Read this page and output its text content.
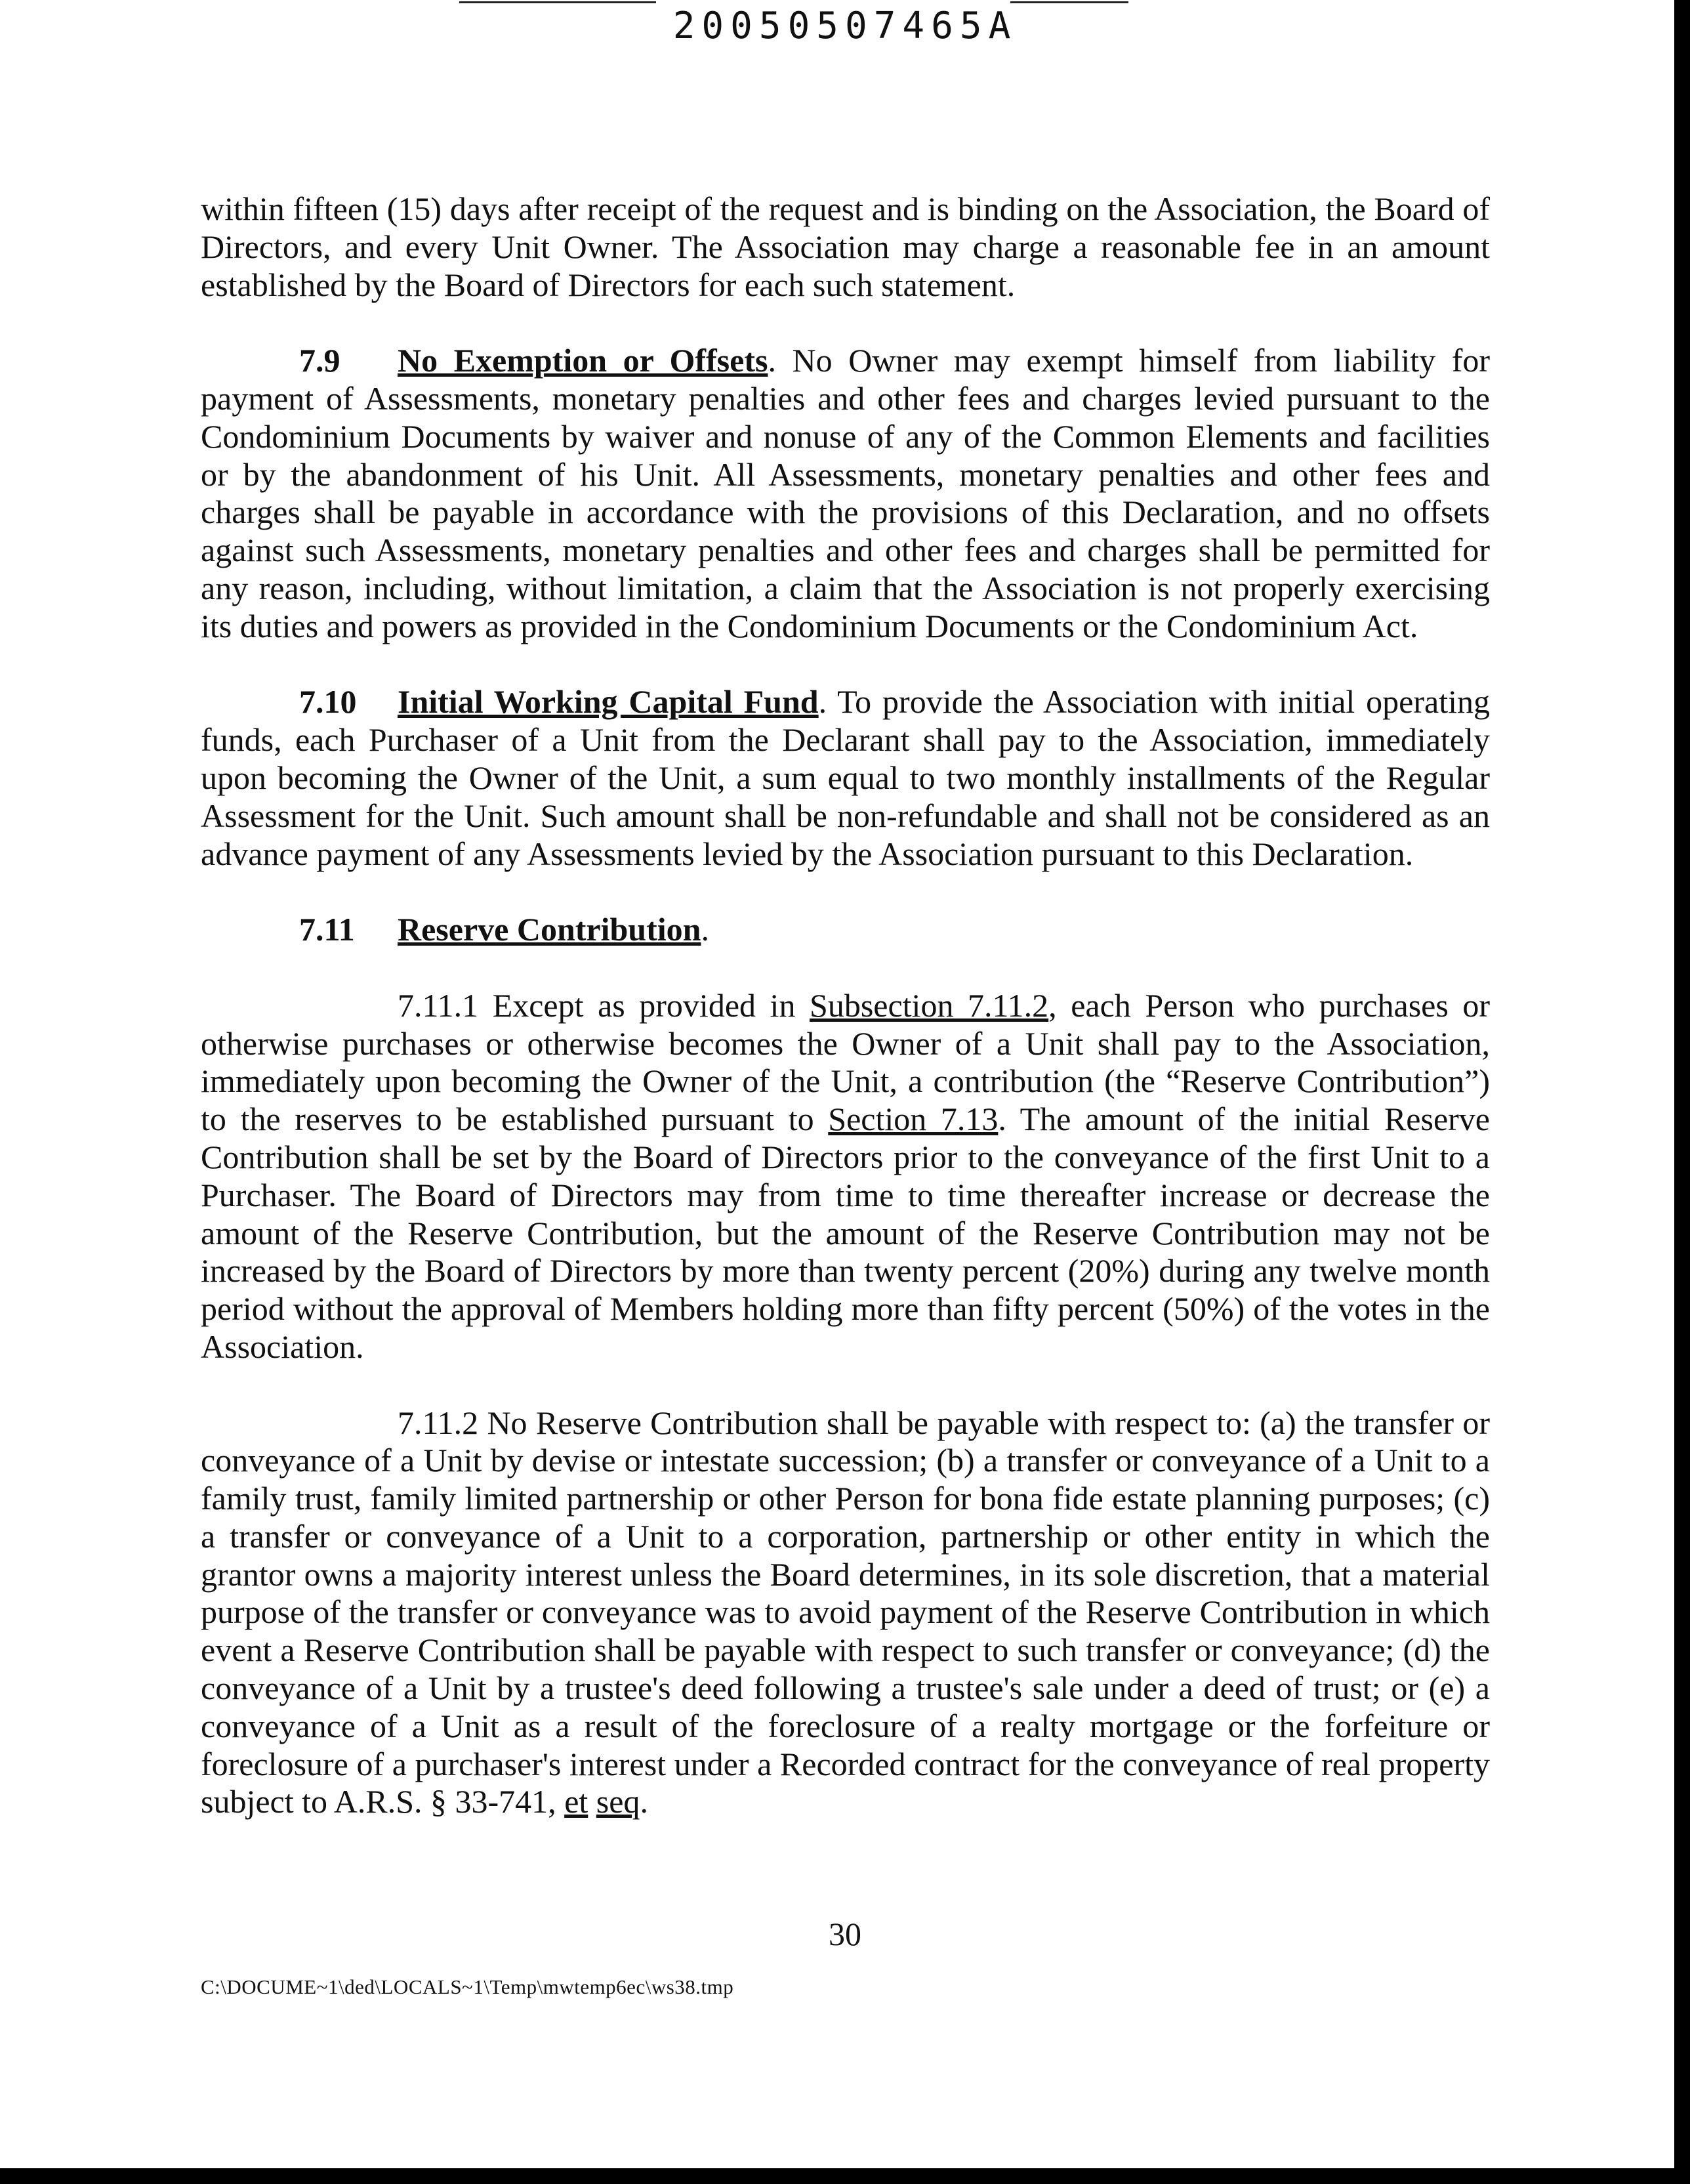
20050507465A

within fifteen (15) days after receipt of the request and is binding on the Association, the Board of Directors, and every Unit Owner. The Association may charge a reasonable fee in an amount established by the Board of Directors for each such statement.

7.9 No Exemption or Offsets. No Owner may exempt himself from liability for payment of Assessments, monetary penalties and other fees and charges levied pursuant to the Condominium Documents by waiver and nonuse of any of the Common Elements and facilities or by the abandonment of his Unit. All Assessments, monetary penalties and other fees and charges shall be payable in accordance with the provisions of this Declaration, and no offsets against such Assessments, monetary penalties and other fees and charges shall be permitted for any reason, including, without limitation, a claim that the Association is not properly exercising its duties and powers as provided in the Condominium Documents or the Condominium Act.

7.10 Initial Working Capital Fund. To provide the Association with initial operating funds, each Purchaser of a Unit from the Declarant shall pay to the Association, immediately upon becoming the Owner of the Unit, a sum equal to two monthly installments of the Regular Assessment for the Unit. Such amount shall be non-refundable and shall not be considered as an advance payment of any Assessments levied by the Association pursuant to this Declaration.

7.11 Reserve Contribution.

7.11.1 Except as provided in Subsection 7.11.2, each Person who purchases or otherwise purchases or otherwise becomes the Owner of a Unit shall pay to the Association, immediately upon becoming the Owner of the Unit, a contribution (the “Reserve Contribution”) to the reserves to be established pursuant to Section 7.13. The amount of the initial Reserve Contribution shall be set by the Board of Directors prior to the conveyance of the first Unit to a Purchaser. The Board of Directors may from time to time thereafter increase or decrease the amount of the Reserve Contribution, but the amount of the Reserve Contribution may not be increased by the Board of Directors by more than twenty percent (20%) during any twelve month period without the approval of Members holding more than fifty percent (50%) of the votes in the Association.

7.11.2 No Reserve Contribution shall be payable with respect to: (a) the transfer or conveyance of a Unit by devise or intestate succession; (b) a transfer or conveyance of a Unit to a family trust, family limited partnership or other Person for bona fide estate planning purposes; (c) a transfer or conveyance of a Unit to a corporation, partnership or other entity in which the grantor owns a majority interest unless the Board determines, in its sole discretion, that a material purpose of the transfer or conveyance was to avoid payment of the Reserve Contribution in which event a Reserve Contribution shall be payable with respect to such transfer or conveyance; (d) the conveyance of a Unit by a trustee's deed following a trustee's sale under a deed of trust; or (e) a conveyance of a Unit as a result of the foreclosure of a realty mortgage or the forfeiture or foreclosure of a purchaser's interest under a Recorded contract for the conveyance of real property subject to A.R.S. § 33-741, et seq.

30
C:\DOCUME~1\ded\LOCALS~1\Temp\mwtemp6ec\ws38.tmp
